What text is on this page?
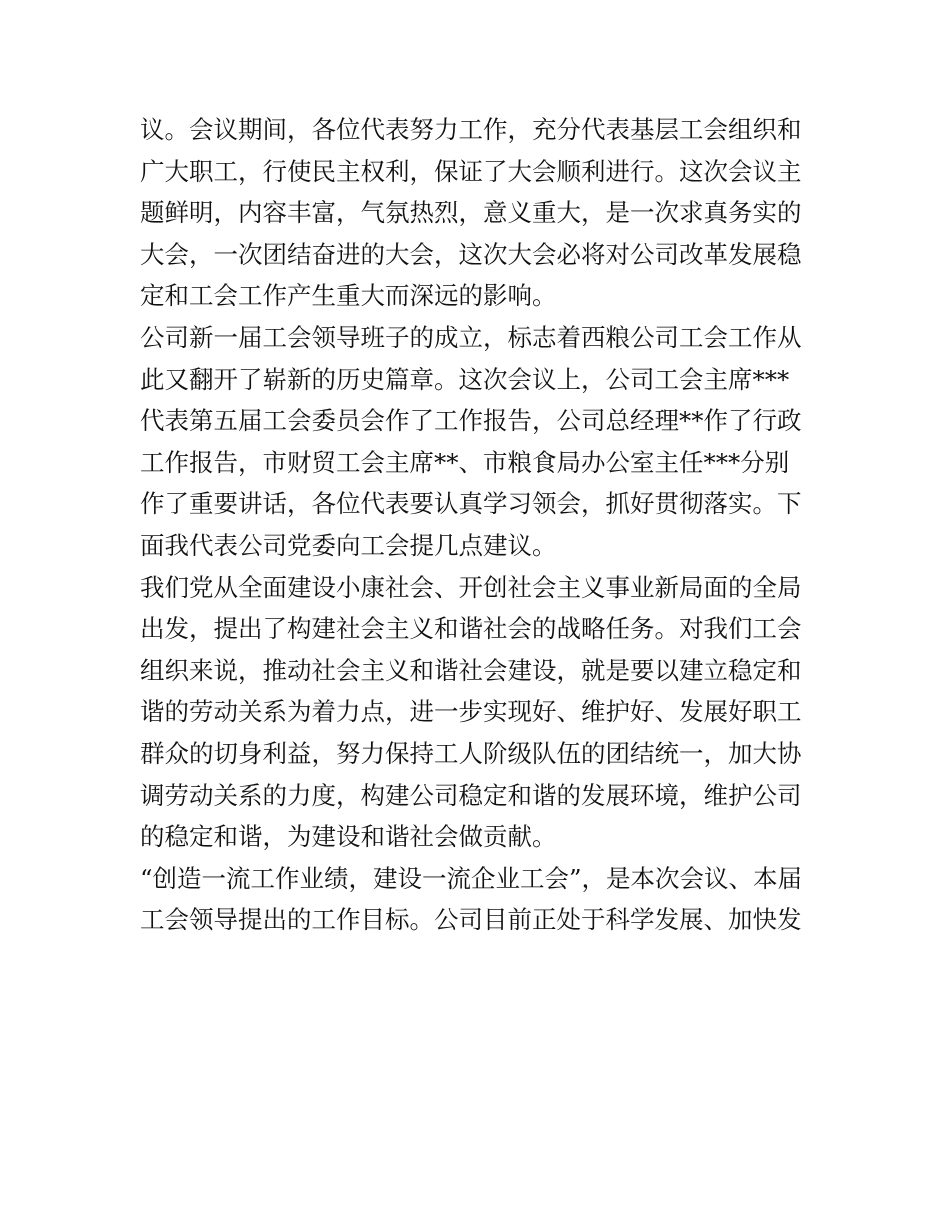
议。会议期间，各位代表努力工作，充分代表基层工会组织和
广大职工，行使民主权利，保证了大会顺利进行。这次会议主
题鲜明，内容丰富，气氛热烈，意义重大，是一次求真务实的
大会，一次团结奋进的大会，这次大会必将对公司改革发展稳
定和工会工作产生重大而深远的影响。
公司新一届工会领导班子的成立，标志着西粮公司工会工作从
此又翻开了崭新的历史篇章。这次会议上，公司工会主席***
代表第五届工会委员会作了工作报告，公司总经理**作了行政
工作报告，市财贸工会主席**、市粮食局办公室主任***分别
作了重要讲话，各位代表要认真学习领会，抓好贯彻落实。下
面我代表公司党委向工会提几点建议。
我们党从全面建设小康社会、开创社会主义事业新局面的全局
出发，提出了构建社会主义和谐社会的战略任务。对我们工会
组织来说，推动社会主义和谐社会建设，就是要以建立稳定和
谐的劳动关系为着力点，进一步实现好、维护好、发展好职工
群众的切身利益，努力保持工人阶级队伍的团结统一，加大协
调劳动关系的力度，构建公司稳定和谐的发展环境，维护公司
的稳定和谐，为建设和谐社会做贡献。
“创造一流工作业绩，建设一流企业工会”，是本次会议、本届
工会领导提出的工作目标。公司目前正处于科学发展、加快发
